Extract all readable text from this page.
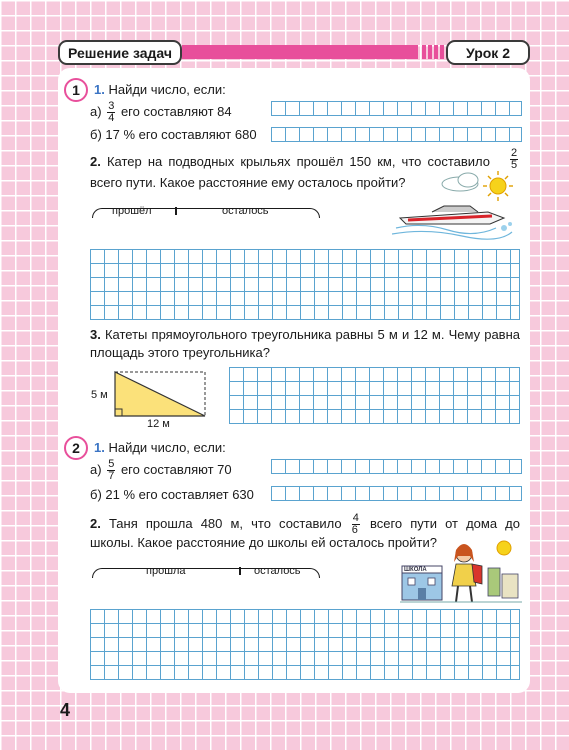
Решение задач	Урок 2
1	1. Найди число, если:
$а) \frac{3}{4}$ его составляют 84
б) 17 % его составляют 680
2. Катер на подводных крыльях прошёл 150 км, что составило $\frac{2}{5}$
всего пути. Какое расстояние ему осталось пройти?
прошёл	осталось
3. Катеты прямоугольного треугольника равны 5 м и 12 м. Чему равна
площадь этого треугольника?
5 м
12 м
2	1. Найди число, если:
$а) \frac{5}{7}$ его составляют 70
б) 21 % его составляет 630
2. Таня прошла 480 м, что составило $\frac{4}{6}$ всего пути от дома до
школы. Какое расстояние до школы ей осталось пройти?
прошла	осталось	ШКОЛА
4
